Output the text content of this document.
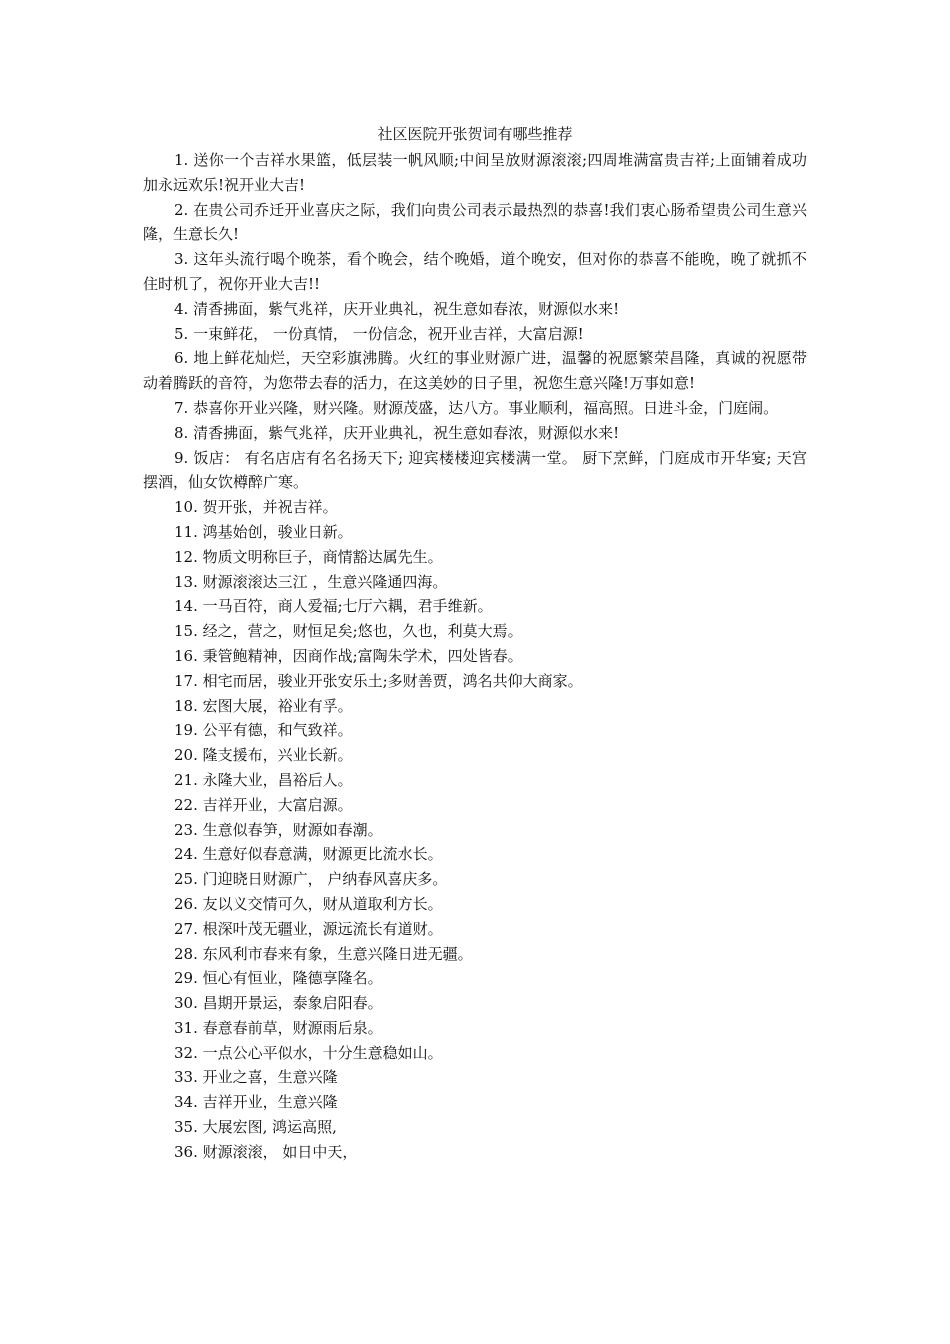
社区医院开张贺词有哪些推荐

1. 送你一个吉祥水果篮，低层装一帆风顺;中间呈放财源滚滚;四周堆满富贵吉祥;上面铺着成功加永远欢乐!祝开业大吉!

2. 在贵公司乔迁开业喜庆之际，我们向贵公司表示最热烈的恭喜!我们衷心肠希望贵公司生意兴隆，生意长久!

3. 这年头流行喝个晚茶，看个晚会，结个晚婚，道个晚安，但对你的恭喜不能晚，晚了就抓不住时机了，祝你开业大吉!!

4. 清香拂面，紫气兆祥，庆开业典礼，祝生意如春浓，财源似水来!

5. 一束鲜花， 一份真情， 一份信念，祝开业吉祥，大富启源!

6. 地上鲜花灿烂，天空彩旗沸腾。火红的事业财源广进，温馨的祝愿繁荣昌隆，真诚的祝愿带动着腾跃的音符，为您带去春的活力，在这美妙的日子里，祝您生意兴隆!万事如意!

7. 恭喜你开业兴隆，财兴隆。财源茂盛，达八方。事业顺利，福高照。日进斗金，门庭闹。

8. 清香拂面，紫气兆祥，庆开业典礼，祝生意如春浓，财源似水来!

9. 饭店： 有名店店有名名扬天下; 迎宾楼楼迎宾楼满一堂。 厨下烹鲜，门庭成市开华宴; 天宫摆酒，仙女饮樽醉广寒。

10. 贺开张，并祝吉祥。

11. 鸿基始创，骏业日新。

12. 物质文明称巨子，商情豁达属先生。

13. 财源滚滚达三江 ，生意兴隆通四海。

14. 一马百符，商人爱福;七厅六耦，君手维新。

15. 经之，营之，财恒足矣;悠也，久也，利莫大焉。

16. 秉管鲍精神，因商作战;富陶朱学术，四处皆春。

17. 相宅而居，骏业开张安乐土;多财善贾，鸿名共仰大商家。

18. 宏图大展，裕业有孚。

19. 公平有德，和气致祥。

20. 隆支援布，兴业长新。

21. 永隆大业，昌裕后人。

22. 吉祥开业，大富启源。

23. 生意似春笋，财源如春潮。

24. 生意好似春意满，财源更比流水长。

25. 门迎晓日财源广， 户纳春风喜庆多。

26. 友以义交情可久，财从道取利方长。

27. 根深叶茂无疆业，源远流长有道财。

28. 东风利市春来有象，生意兴隆日进无疆。

29. 恒心有恒业，隆德享隆名。

30. 昌期开景运，泰象启阳春。

31. 春意春前草，财源雨后泉。

32. 一点公心平似水，十分生意稳如山。

33. 开业之喜，生意兴隆

34. 吉祥开业，生意兴隆

35. 大展宏图, 鸿运高照,

36. 财源滚滚， 如日中天，
